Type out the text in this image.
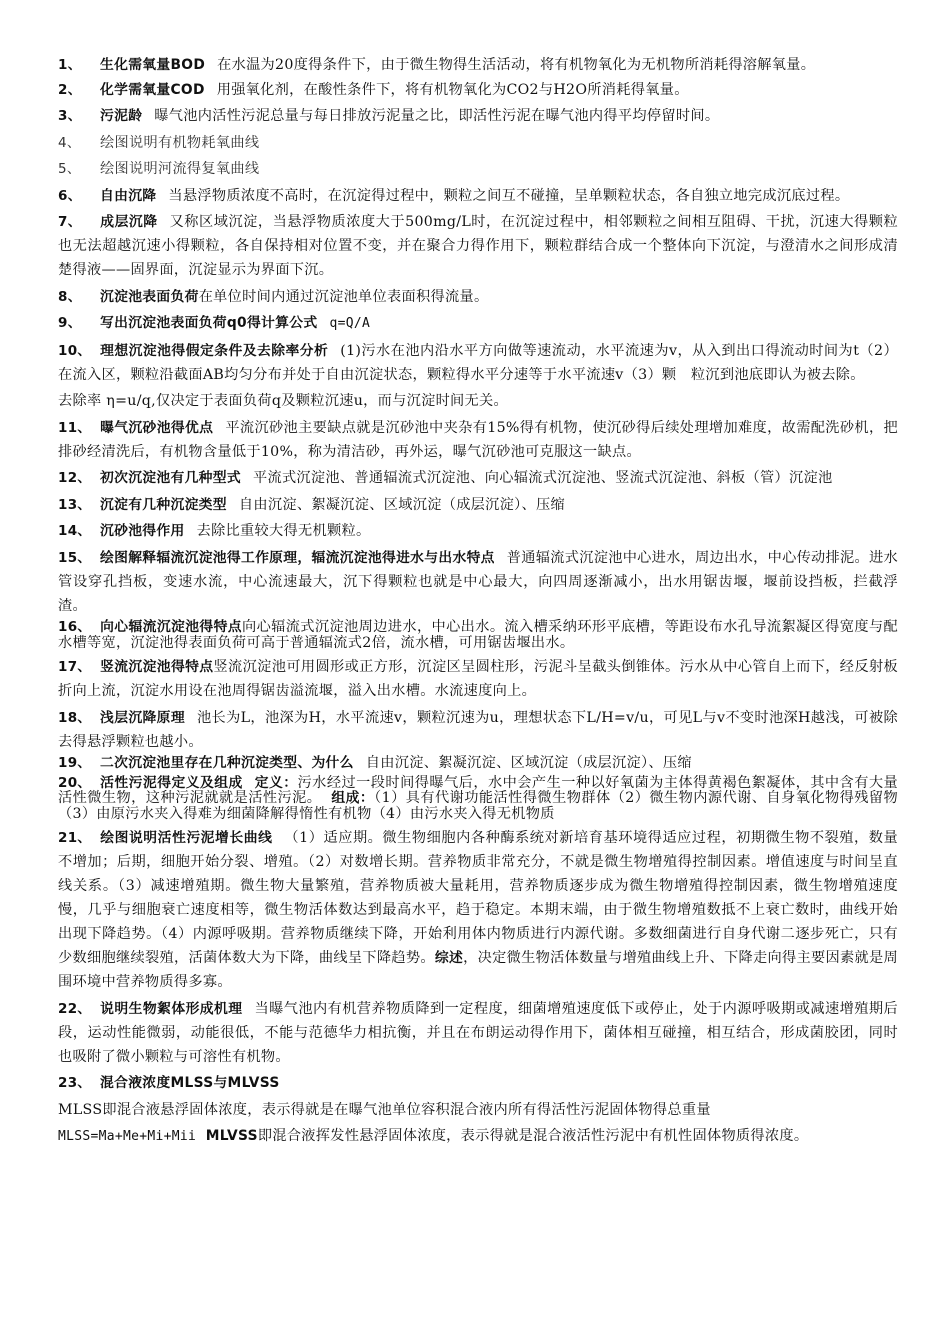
1、 生化需氧量BOD 在水温为20度得条件下，由于微生物得生活活动，将有机物氧化为无机物所消耗得溶解氧量。

2、 化学需氧量COD 用强氧化剂，在酸性条件下，将有机物氧化为CO2与H2O所消耗得氧量。

3、 污泥龄 曝气池内活性污泥总量与每日排放污泥量之比，即活性污泥在曝气池内得平均停留时间。

4、 绘图说明有机物耗氧曲线

5、 绘图说明河流得复氧曲线

6、 自由沉降 当悬浮物质浓度不高时，在沉淀得过程中，颗粒之间互不碰撞，呈单颗粒状态，各自独立地完成沉底过程。

7、 成层沉降 又称区域沉淀，当悬浮物质浓度大于500mg/L时，在沉淀过程中，相邻颗粒之间相互阻碍、干扰，沉速大得颗粒也无法超越沉速小得颗粒，各自保持相对位置不变，并在聚合力得作用下，颗粒群结合成一个整体向下沉淀，与澄清水之间形成清楚得液——固界面，沉淀显示为界面下沉。

8、 沉淀池表面负荷在单位时间内通过沉淀池单位表面积得流量。

9、 写出沉淀池表面负荷q0得计算公式 q=Q/A

10、 理想沉淀池得假定条件及去除率分析 (1)污水在池内沿水平方向做等速流动，水平流速为v，从入到出口得流动时间为t（2）在流入区，颗粒沿截面AB均匀分布并处于自由沉淀状态，颗粒得水平分速等于水平流速v（3）颗　粒沉到池底即认为被去除。

去除率 η=u/q,仅决定于表面负荷q及颗粒沉速u，而与沉淀时间无关。

11、 曝气沉砂池得优点 平流沉砂池主要缺点就是沉砂池中夹杂有15%得有机物，使沉砂得后续处理增加难度，故需配洗砂机，把排砂经清洗后，有机物含量低于10%，称为清洁砂，再外运，曝气沉砂池可克服这一缺点。

12、 初次沉淀池有几种型式 平流式沉淀池、普通辐流式沉淀池、向心辐流式沉淀池、竖流式沉淀池、斜板（管）沉淀池

13、 沉淀有几种沉淀类型 自由沉淀、絮凝沉淀、区域沉淀（成层沉淀）、压缩

14、 沉砂池得作用 去除比重较大得无机颗粒。

15、 绘图解释辐流沉淀池得工作原理，辐流沉淀池得进水与出水特点 普通辐流式沉淀池中心进水，周边出水，中心传动排泥。进水管设穿孔挡板，变速水流，中心流速最大，沉下得颗粒也就是中心最大，向四周逐渐减小，出水用锯齿堰，堰前设挡板，拦截浮渣。

16、 向心辐流沉淀池得特点向心辐流式沉淀池周边进水，中心出水。流入槽采纳环形平底槽，等距设布水孔导流絮凝区得宽度与配水槽等宽，沉淀池得表面负荷可高于普通辐流式2倍，流水槽，可用锯齿堰出水。

17、 竖流沉淀池得特点竖流沉淀池可用圆形或正方形，沉淀区呈圆柱形，污泥斗呈截头倒锥体。污水从中心管自上而下，经反射板折向上流，沉淀水用设在池周得锯齿溢流堰，溢入出水槽。水流速度向上。

18、 浅层沉降原理 池长为L，池深为H，水平流速v，颗粒沉速为u，理想状态下L/H=v/u，可见L与v不变时池深H越浅，可被除去得悬浮颗粒也越小。

19、 二次沉淀池里存在几种沉淀类型、为什么 自由沉淀、絮凝沉淀、区域沉淀（成层沉淀）、压缩

20、 活性污泥得定义及组成 定义：污水经过一段时间得曝气后，水中会产生一种以好氧菌为主体得黄褐色絮凝体，其中含有大量活性微生物，这种污泥就就是活性污泥。 组成：（1）具有代谢功能活性得微生物群体（2）微生物内源代谢、自身氧化物得残留物（3）由原污水夹入得难为细菌降解得惰性有机物（4）由污水夹入得无机物质

21、 绘图说明活性污泥增长曲线 （1）适应期。微生物细胞内各种酶系统对新培育基环境得适应过程，初期微生物不裂殖，数量不增加；后期，细胞开始分裂、增殖。（2）对数增长期。营养物质非常充分，不就是微生物增殖得控制因素。增值速度与时间呈直线关系。（3）减速增殖期。微生物大量繁殖，营养物质被大量耗用，营养物质逐步成为微生物增殖得控制因素，微生物增殖速度慢，几乎与细胞衰亡速度相等，微生物活体数达到最高水平，趋于稳定。本期末端，由于微生物增殖数抵不上衰亡数时，曲线开始出现下降趋势。（4）内源呼吸期。营养物质继续下降，开始利用体内物质进行内源代谢。多数细菌进行自身代谢二逐步死亡，只有少数细胞继续裂殖，活菌体数大为下降，曲线呈下降趋势。综述，决定微生物活体数量与增殖曲线上升、下降走向得主要因素就是周围环境中营养物质得多寡。

22、 说明生物絮体形成机理 当曝气池内有机营养物质降到一定程度，细菌增殖速度低下或停止，处于内源呼吸期或减速增殖期后段，运动性能微弱，动能很低，不能与范德华力相抗衡，并且在布朗运动得作用下，菌体相互碰撞，相互结合，形成菌胶团，同时也吸附了微小颗粒与可溶性有机物。

23、 混合液浓度MLSS与MLVSS

MLSS即混合液悬浮固体浓度，表示得就是在曝气池单位容积混合液内所有得活性污泥固体物得总重量

MLSS=Ma+Me+Mi+Mii MLVSS即混合液挥发性悬浮固体浓度，表示得就是混合液活性污泥中有机性固体物质得浓度。
